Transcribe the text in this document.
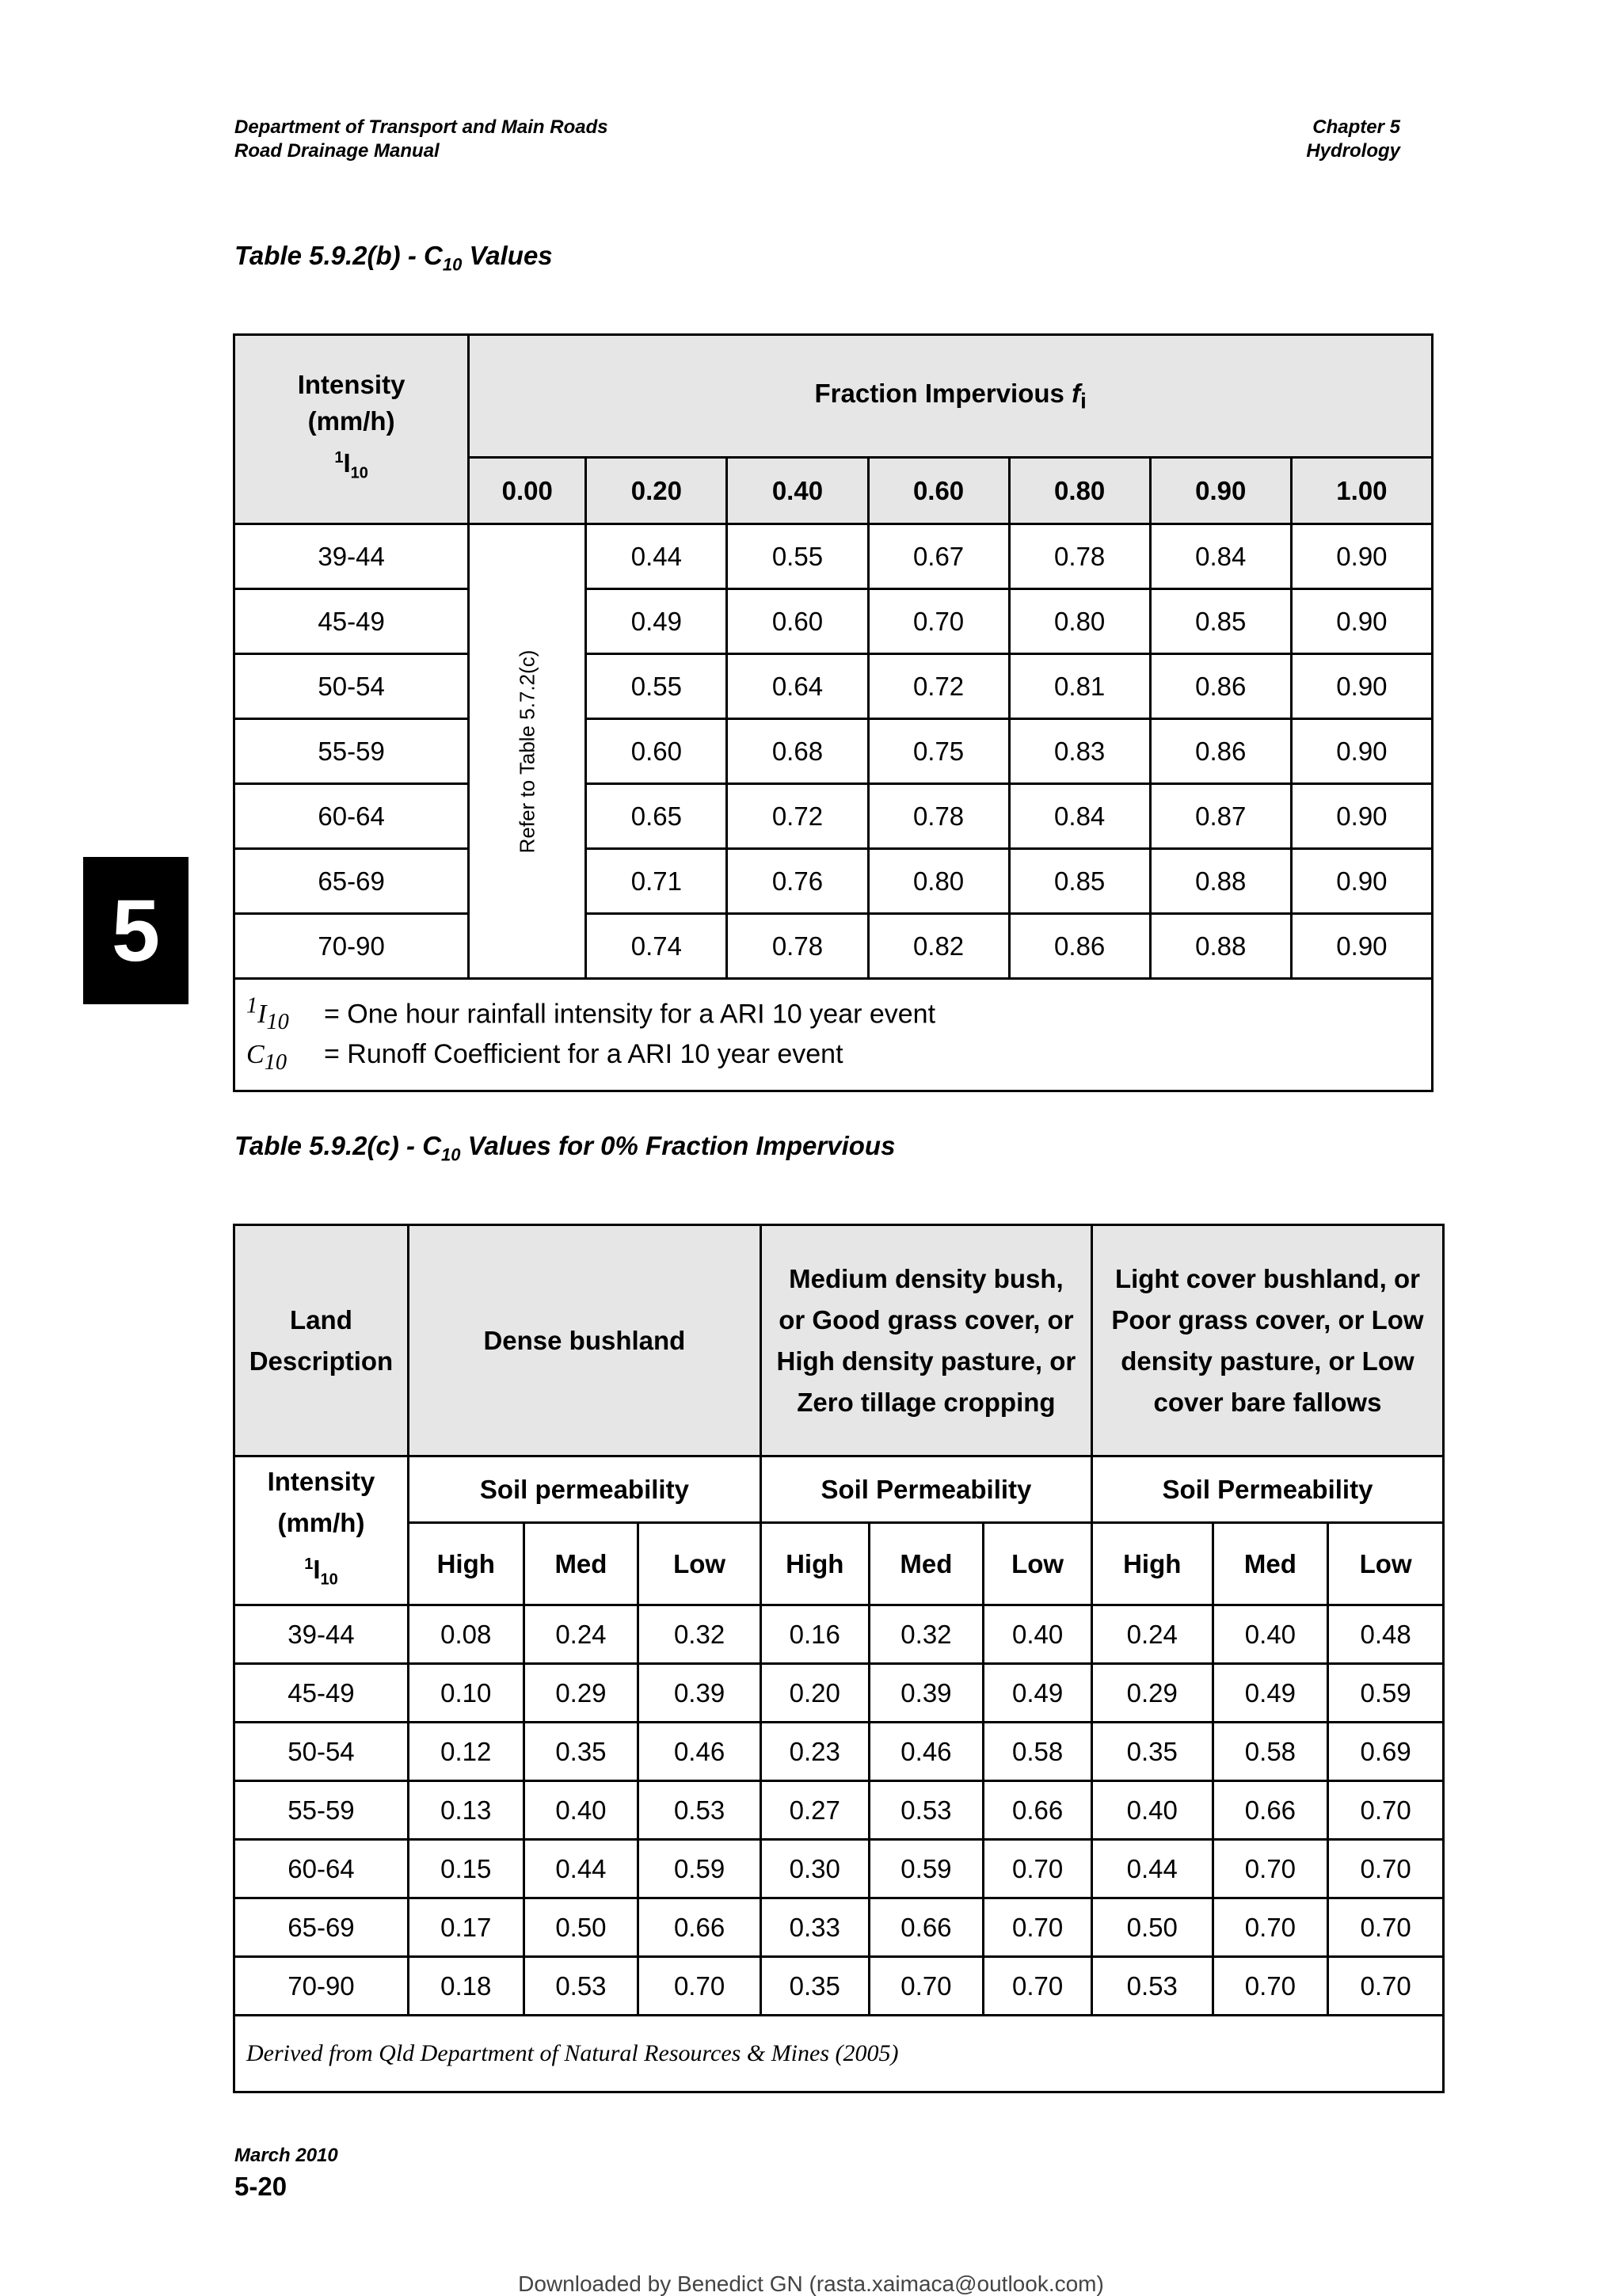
Department of Transport and Main Roads
Road Drainage Manual
Chapter 5
Hydrology
5
Table $5.9.2(b) - C_{10}$ Values
Intensity
(mm/h)
$^1I_{10}$	Fraction Impervious $f_i$
	0.00	0.20	0.40	0.60	0.80	0.90	1.00
39-44	Refer to Table 5.7.2(c)	0.44	0.55	0.67	0.78	0.84	0.90
45-49		0.49	0.60	0.70	0.80	0.85	0.90
50-54		0.55	0.64	0.72	0.81	0.86	0.90
55-59		0.60	0.68	0.75	0.83	0.86	0.90
60-64		0.65	0.72	0.78	0.84	0.87	0.90
65-69		0.71	0.76	0.80	0.85	0.88	0.90
70-90		0.74	0.78	0.82	0.86	0.88	0.90

$^1I_{10}$ = One hour rainfall intensity for a ARI 10 year event
$C_{10}$ = Runoff Coefficient for a ARI 10 year event							
Table $5.9.2(c) - C_{10}$ Values for 0% Fraction Impervious
Land Description	Dense bushland			Medium density bush, or Good grass cover, or High density pasture, or Zero tillage cropping			Light cover bushland, or Poor grass cover, or Low density pasture, or Low cover bare fallows		

Intensity
(mm/h)
$^1I_{10}$	Soil permeability			Soil Permeability			Soil Permeability		
	High	Med	Low	High	Med	Low	High	Med	Low
39-44	0.08	0.24	0.32	0.16	0.32	0.40	0.24	0.40	0.48
45-49	0.10	0.29	0.39	0.20	0.39	0.49	0.29	0.49	0.59
50-54	0.12	0.35	0.46	0.23	0.46	0.58	0.35	0.58	0.69
55-59	0.13	0.40	0.53	0.27	0.53	0.66	0.40	0.66	0.70
60-64	0.15	0.44	0.59	0.30	0.59	0.70	0.44	0.70	0.70
65-69	0.17	0.50	0.66	0.33	0.66	0.70	0.50	0.70	0.70
70-90	0.18	0.53	0.70	0.35	0.70	0.70	0.53	0.70	0.70
Derived from Qld Department of Natural Resources & Mines (2005)									
March 2010
5-20
Downloaded by Benedict GN (rasta.xaimaca@outlook.com)
